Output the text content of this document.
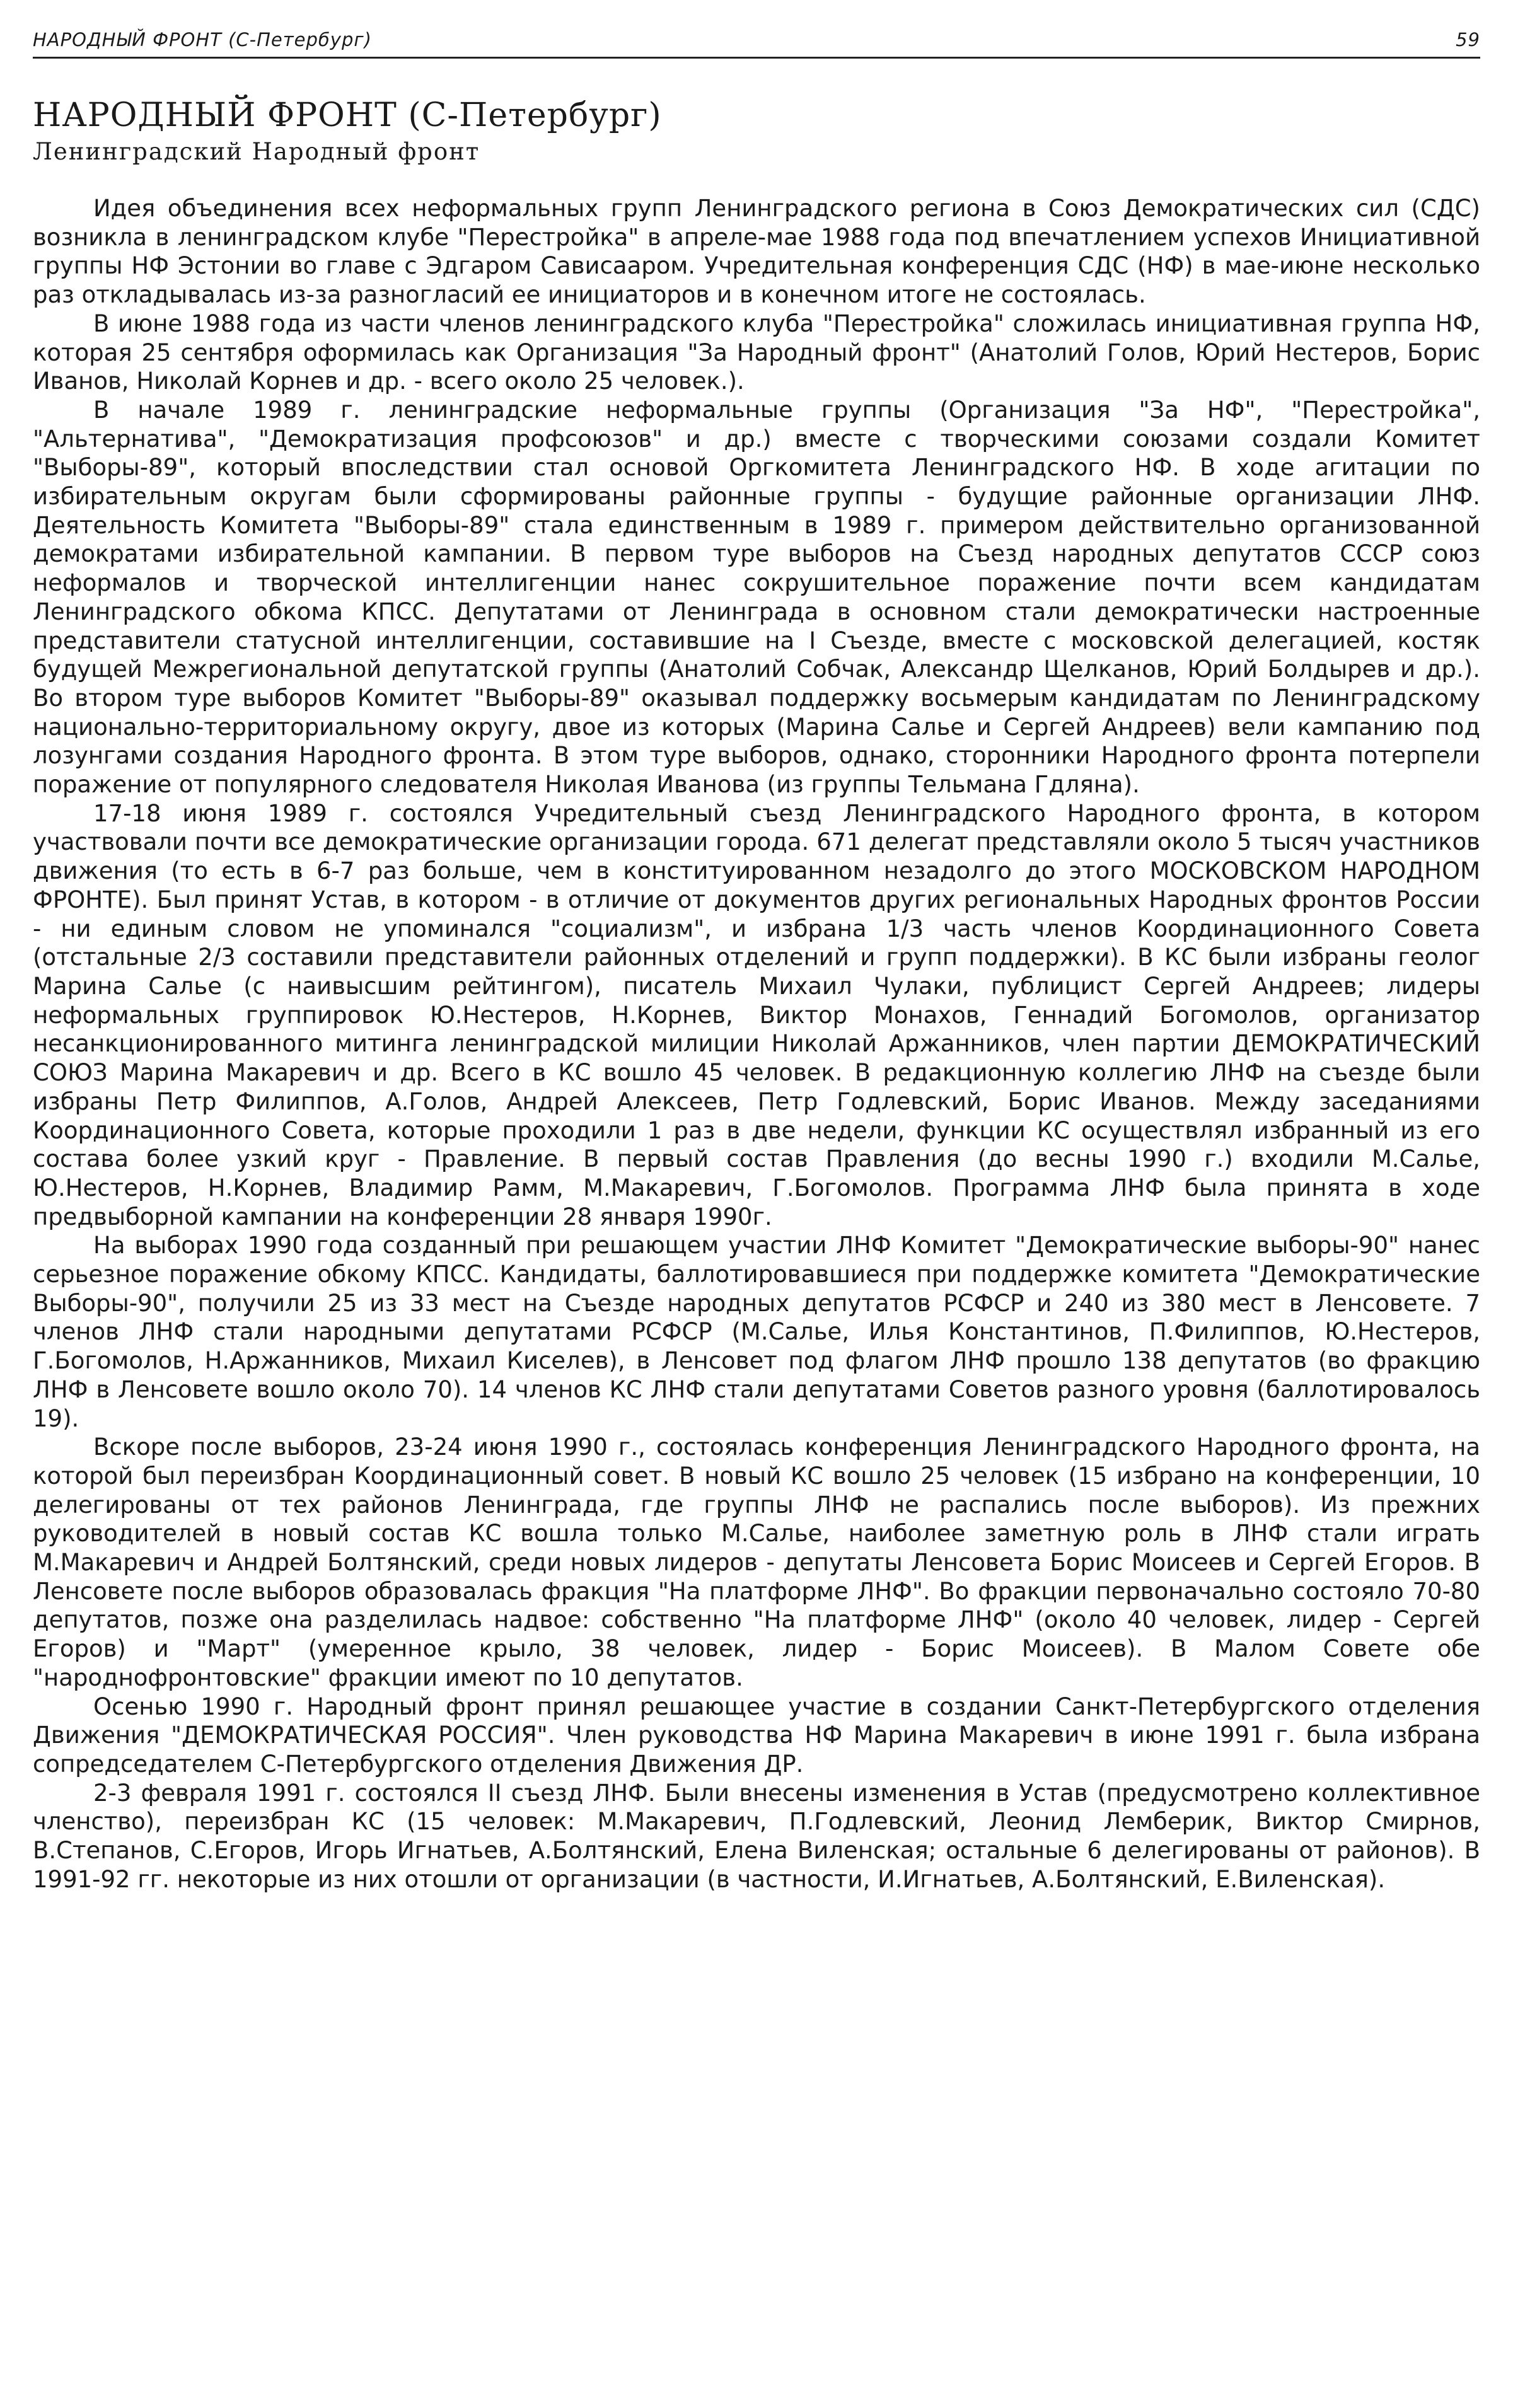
НАРОДНЫЙ ФРОНТ (С-Петербург)	59
НАРОДНЫЙ ФРОНТ (С-Петербург)
Ленинградский Народный фронт

Идея объединения всех неформальных групп Ленинградского региона в Союз Демократических сил (СДС) возникла в ленинградском клубе "Перестройка" в апреле-мае 1988 года под впечатлением успехов Инициативной группы НФ Эстонии во главе с Эдгаром Сависааром. Учредительная конференция СДС (НФ) в мае-июне несколько раз откладывалась из-за разногласий ее инициаторов и в конечном итоге не состоялась.

В июне 1988 года из части членов ленинградского клуба "Перестройка" сложилась инициативная группа НФ, которая 25 сентября оформилась как Организация "За Народный фронт" (Анатолий Голов, Юрий Нестеров, Борис Иванов, Николай Корнев и др. - всего около 25 человек.).

В начале 1989 г. ленинградские неформальные группы (Организация "За НФ", "Перестройка", "Альтернатива", "Демократизация профсоюзов" и др.) вместе с творческими союзами создали Комитет "Выборы-89", который впоследствии стал основой Оргкомитета Ленинградского НФ. В ходе агитации по избирательным округам были сформированы районные группы - будущие районные организации ЛНФ. Деятельность Комитета "Выборы-89" стала единственным в 1989 г. примером действительно организованной демократами избирательной кампании. В первом туре выборов на Съезд народных депутатов СССР союз неформалов и творческой интеллигенции нанес сокрушительное поражение почти всем кандидатам Ленинградского обкома КПСС. Депутатами от Ленинграда в основном стали демократически настроенные представители статусной интеллигенции, составившие на I Съезде, вместе с московской делегацией, костяк будущей Межрегиональной депутатской группы (Анатолий Собчак, Александр Щелканов, Юрий Болдырев и др.). Во втором туре выборов Комитет "Выборы-89" оказывал поддержку восьмерым кандидатам по Ленинградскому национально-территориальному округу, двое из которых (Марина Салье и Сергей Андреев) вели кампанию под лозунгами создания Народного фронта. В этом туре выборов, однако, сторонники Народного фронта потерпели поражение от популярного следователя Николая Иванова (из группы Тельмана Гдляна).

17-18 июня 1989 г. состоялся Учредительный съезд Ленинградского Народного фронта, в котором участвовали почти все демократические организации города. 671 делегат представляли около 5 тысяч участников движения (то есть в 6-7 раз больше, чем в конституированном незадолго до этого МОСКОВСКОМ НАРОДНОМ ФРОНТЕ). Был принят Устав, в котором - в отличие от документов других региональных Народных фронтов России - ни единым словом не упоминался "социализм", и избрана 1/3 часть членов Координационного Совета (отстальные 2/3 составили представители районных отделений и групп поддержки). В КС были избраны геолог Марина Салье (с наивысшим рейтингом), писатель Михаил Чулаки, публицист Сергей Андреев; лидеры неформальных группировок Ю.Нестеров, Н.Корнев, Виктор Монахов, Геннадий Богомолов, организатор несанкционированного митинга ленинградской милиции Николай Аржанников, член партии ДЕМОКРАТИЧЕСКИЙ СОЮЗ Марина Макаревич и др. Всего в КС вошло 45 человек. В редакционную коллегию ЛНФ на съезде были избраны Петр Филиппов, А.Голов, Андрей Алексеев, Петр Годлевский, Борис Иванов. Между заседаниями Координационного Совета, которые проходили 1 раз в две недели, функции КС осуществлял избранный из его состава более узкий круг - Правление. В первый состав Правления (до весны 1990 г.) входили М.Салье, Ю.Нестеров, Н.Корнев, Владимир Рамм, М.Макаревич, Г.Богомолов. Программа ЛНФ была принята в ходе предвыборной кампании на конференции 28 января 1990г.

На выборах 1990 года созданный при решающем участии ЛНФ Комитет "Демократические выборы-90" нанес серьезное поражение обкому КПСС. Кандидаты, баллотировавшиеся при поддержке комитета "Демократические Выборы-90", получили 25 из 33 мест на Съезде народных депутатов РСФСР и 240 из 380 мест в Ленсовете. 7 членов ЛНФ стали народными депутатами РСФСР (М.Салье, Илья Константинов, П.Филиппов, Ю.Нестеров, Г.Богомолов, Н.Аржанников, Михаил Киселев), в Ленсовет под флагом ЛНФ прошло 138 депутатов (во фракцию ЛНФ в Ленсовете вошло около 70). 14 членов КС ЛНФ стали депутатами Советов разного уровня (баллотировалось 19).

Вскоре после выборов, 23-24 июня 1990 г., состоялась конференция Ленинградского Народного фронта, на которой был переизбран Координационный совет. В новый КС вошло 25 человек (15 избрано на конференции, 10 делегированы от тех районов Ленинграда, где группы ЛНФ не распались после выборов). Из прежних руководителей в новый состав КС вошла только М.Салье, наиболее заметную роль в ЛНФ стали играть М.Макаревич и Андрей Болтянский, среди новых лидеров - депутаты Ленсовета Борис Моисеев и Сергей Егоров. В Ленсовете после выборов образовалась фракция "На платформе ЛНФ". Во фракции первоначально состояло 70-80 депутатов, позже она разделилась надвое: собственно "На платформе ЛНФ" (около 40 человек, лидер - Сергей Егоров) и "Март" (умеренное крыло, 38 человек, лидер - Борис Моисеев). В Малом Совете обе "народнофронтовские" фракции имеют по 10 депутатов.

Осенью 1990 г. Народный фронт принял решающее участие в создании Санкт-Петербургского отделения Движения "ДЕМОКРАТИЧЕСКАЯ РОССИЯ". Член руководства НФ Марина Макаревич в июне 1991 г. была избрана сопредседателем С-Петербургского отделения Движения ДР.

2-3 февраля 1991 г. состоялся II съезд ЛНФ. Были внесены изменения в Устав (предусмотрено коллективное членство), переизбран КС (15 человек: М.Макаревич, П.Годлевский, Леонид Лемберик, Виктор Смирнов, В.Степанов, С.Егоров, Игорь Игнатьев, А.Болтянский, Елена Виленская; остальные 6 делегированы от районов). В 1991-92 гг. некоторые из них отошли от организации (в частности, И.Игнатьев, А.Болтянский, Е.Виленская).
